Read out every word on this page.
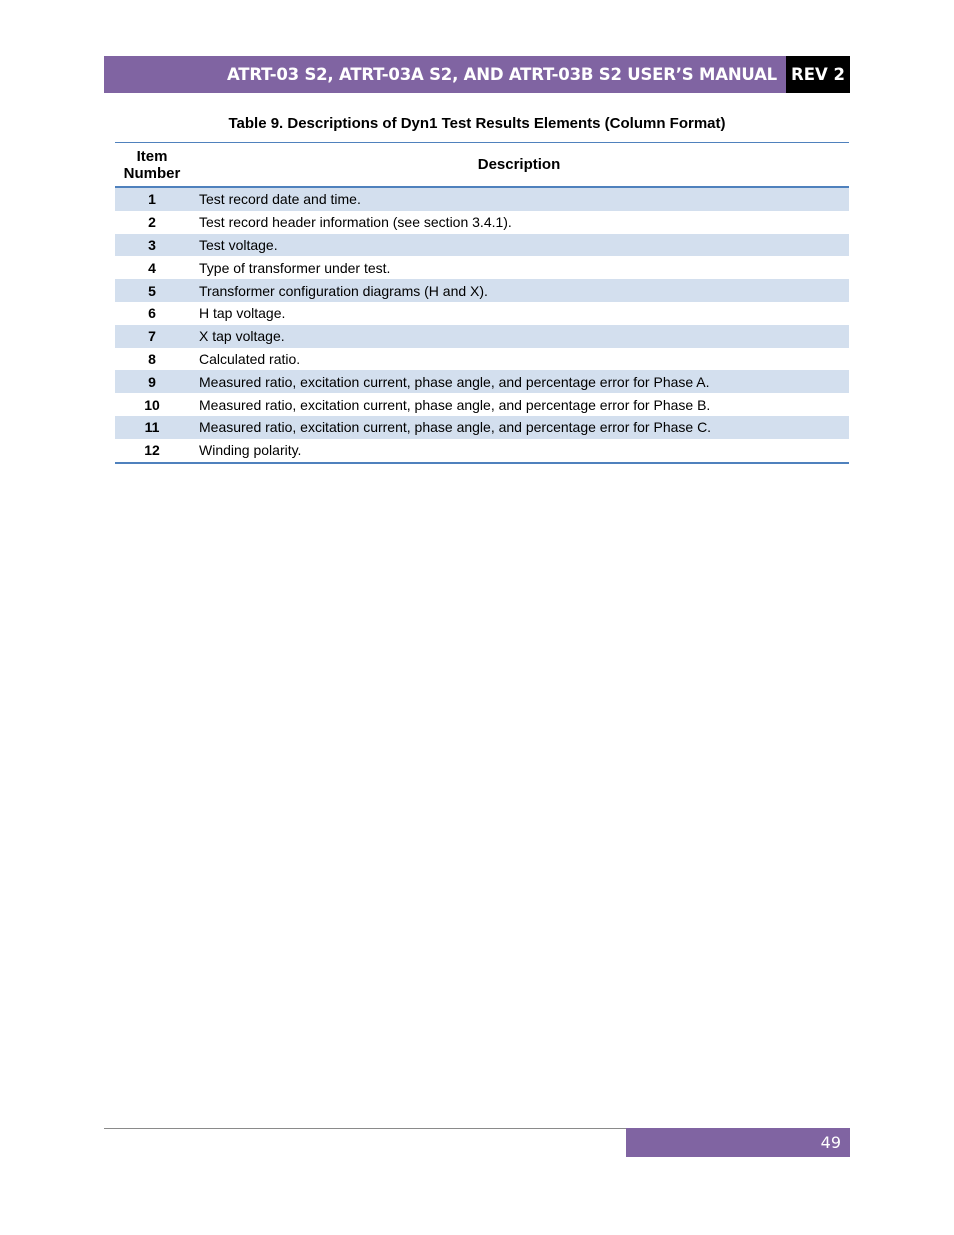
ATRT-03 S2, ATRT-03A S2, AND ATRT-03B S2 USER’S MANUAL REV 2
Table 9. Descriptions of Dyn1 Test Results Elements (Column Format)
Item
Number	Description
1	Test record date and time.
2	Test record header information (see section 3.4.1).
3	Test voltage.
4	Type of transformer under test.
5	Transformer configuration diagrams (H and X).
6	H tap voltage.
7	X tap voltage.
8	Calculated ratio.
9	Measured ratio, excitation current, phase angle, and percentage error for Phase A.
10	Measured ratio, excitation current, phase angle, and percentage error for Phase B.
11	Measured ratio, excitation current, phase angle, and percentage error for Phase C.
12	Winding polarity.
49
